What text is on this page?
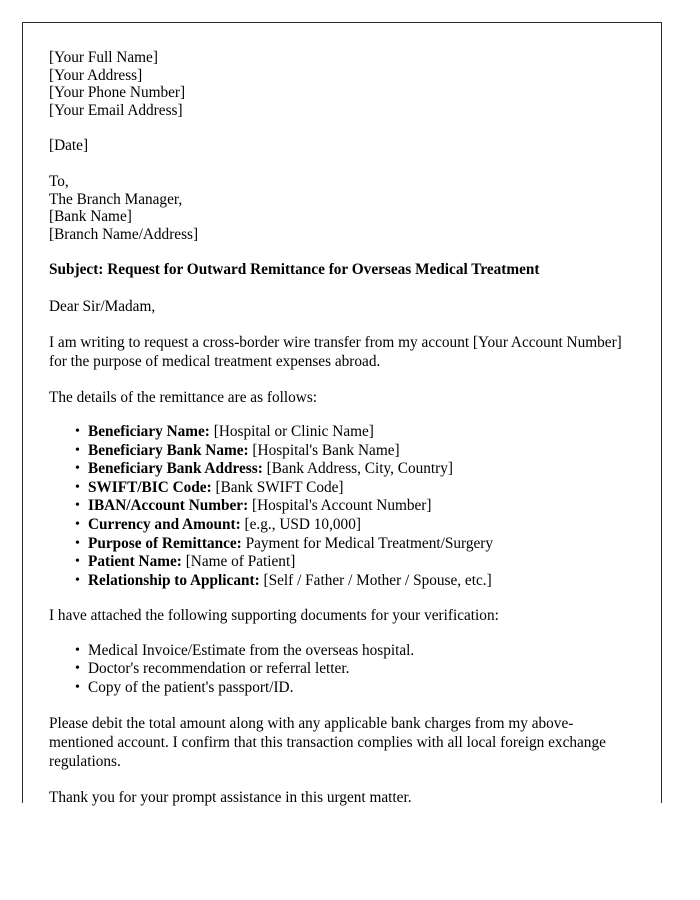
[Your Full Name]
[Your Address]
[Your Phone Number]
[Your Email Address]
[Date]
To,
The Branch Manager,
[Bank Name]
[Branch Name/Address]

Subject: Request for Outward Remittance for Overseas Medical Treatment

Dear Sir/Madam,

I am writing to request a cross-border wire transfer from my account [Your Account Number] for the purpose of medical treatment expenses abroad.

The details of the remittance are as follows:

• Beneficiary Name: [Hospital or Clinic Name]
• Beneficiary Bank Name: [Hospital's Bank Name]
• Beneficiary Bank Address: [Bank Address, City, Country]
• SWIFT/BIC Code: [Bank SWIFT Code]
• IBAN/Account Number: [Hospital's Account Number]
• Currency and Amount: [e.g., USD 10,000]
• Purpose of Remittance: Payment for Medical Treatment/Surgery
• Patient Name: [Name of Patient]
• Relationship to Applicant: [Self / Father / Mother / Spouse, etc.]

I have attached the following supporting documents for your verification:

• Medical Invoice/Estimate from the overseas hospital.
• Doctor's recommendation or referral letter.
• Copy of the patient's passport/ID.

Please debit the total amount along with any applicable bank charges from my above-mentioned account. I confirm that this transaction complies with all local foreign exchange regulations.

Thank you for your prompt assistance in this urgent matter.
